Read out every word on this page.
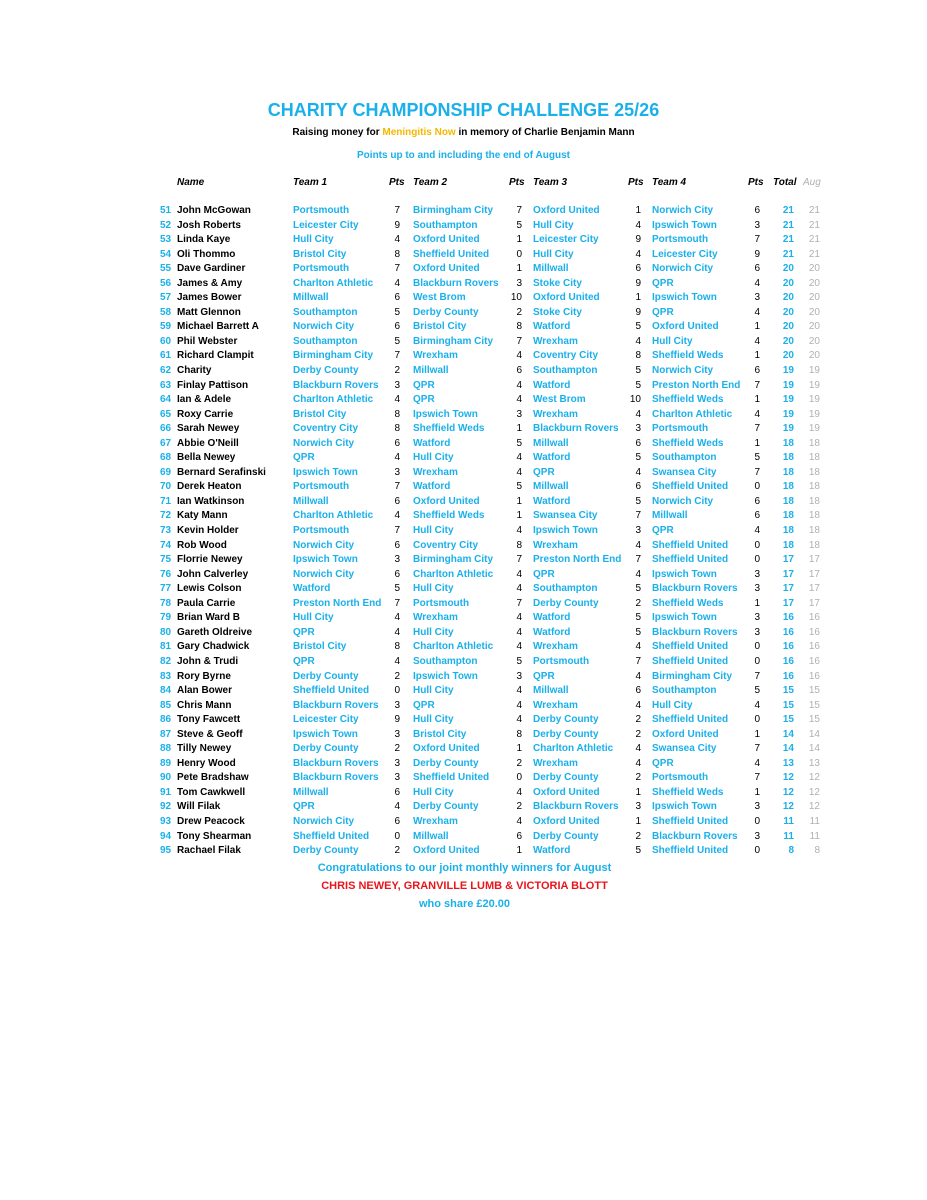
CHARITY CHAMPIONSHIP CHALLENGE 25/26
Raising money for Meningitis Now in memory of Charlie Benjamin Mann
Points up to and including the end of August
Name	Team 1	Pts Team 2	Pts Team 3	Pts Team 4	Pts Total Aug
51 John McGowan	Portsmouth	7 Birmingham City	7 Oxford United	1 Norwich City	6	21 21
52 Josh Roberts	Leicester City	9 Southampton	5 Hull City	4 Ipswich Town	3	21 21
53 Linda Kaye	Hull City	4 Oxford United	1 Leicester City	9 Portsmouth	7	21 21
54 Oli Thommo	Bristol City	8 Sheffield United	0 Hull City	4 Leicester City	9	21 21
55 Dave Gardiner	Portsmouth	7 Oxford United	1 Millwall	6 Norwich City	6	20 20
56 James & Amy	Charlton Athletic	4 Blackburn Rovers	3 Stoke City	9 QPR	4	20 20
57 James Bower	Millwall	6 West Brom	10 Oxford United	1 Ipswich Town	3	20 20
58 Matt Glennon	Southampton	5 Derby County	2 Stoke City	9 QPR	4	20 20
59 Michael Barrett A	Norwich City	6 Bristol City	8 Watford	5 Oxford United	1	20 20
60 Phil Webster	Southampton	5 Birmingham City	7 Wrexham	4 Hull City	4	20 20
61 Richard Clampit	Birmingham City	7 Wrexham	4 Coventry City	8 Sheffield Weds	1	20 20
62 Charity	Derby County	2 Millwall	6 Southampton	5 Norwich City	6	19 19
63 Finlay Pattison	Blackburn Rovers	3 QPR	4 Watford	5 Preston North End	7	19 19
64 Ian & Adele	Charlton Athletic	4 QPR	4 West Brom	10 Sheffield Weds	1	19 19
65 Roxy Carrie	Bristol City	8 Ipswich Town	3 Wrexham	4 Charlton Athletic	4	19 19
66 Sarah Newey	Coventry City	8 Sheffield Weds	1 Blackburn Rovers	3 Portsmouth	7	19 19
67 Abbie O'Neill	Norwich City	6 Watford	5 Millwall	6 Sheffield Weds	1	18 18
68 Bella Newey	QPR	4 Hull City	4 Watford	5 Southampton	5	18 18
69 Bernard Serafinski	Ipswich Town	3 Wrexham	4 QPR	4 Swansea City	7	18 18
70 Derek Heaton	Portsmouth	7 Watford	5 Millwall	6 Sheffield United	0	18 18
71 Ian Watkinson	Millwall	6 Oxford United	1 Watford	5 Norwich City	6	18 18
72 Katy Mann	Charlton Athletic	4 Sheffield Weds	1 Swansea City	7 Millwall	6	18 18
73 Kevin Holder	Portsmouth	7 Hull City	4 Ipswich Town	3 QPR	4	18 18
74 Rob Wood	Norwich City	6 Coventry City	8 Wrexham	4 Sheffield United	0	18 18
75 Florrie Newey	Ipswich Town	3 Birmingham City	7 Preston North End	7 Sheffield United	0	17 17
76 John Calverley	Norwich City	6 Charlton Athletic	4 QPR	4 Ipswich Town	3	17 17
77 Lewis Colson	Watford	5 Hull City	4 Southampton	5 Blackburn Rovers	3	17 17
78 Paula Carrie	Preston North End	7 Portsmouth	7 Derby County	2 Sheffield Weds	1	17 17
79 Brian Ward B	Hull City	4 Wrexham	4 Watford	5 Ipswich Town	3	16 16
80 Gareth Oldreive	QPR	4 Hull City	4 Watford	5 Blackburn Rovers	3	16 16
81 Gary Chadwick	Bristol City	8 Charlton Athletic	4 Wrexham	4 Sheffield United	0	16 16
82 John & Trudi	QPR	4 Southampton	5 Portsmouth	7 Sheffield United	0	16 16
83 Rory Byrne	Derby County	2 Ipswich Town	3 QPR	4 Birmingham City	7	16 16
84 Alan Bower	Sheffield United	0 Hull City	4 Millwall	6 Southampton	5	15 15
85 Chris Mann	Blackburn Rovers	3 QPR	4 Wrexham	4 Hull City	4	15 15
86 Tony Fawcett	Leicester City	9 Hull City	4 Derby County	2 Sheffield United	0	15 15
87 Steve & Geoff	Ipswich Town	3 Bristol City	8 Derby County	2 Oxford United	1	14 14
88 Tilly Newey	Derby County	2 Oxford United	1 Charlton Athletic	4 Swansea City	7	14 14
89 Henry Wood	Blackburn Rovers	3 Derby County	2 Wrexham	4 QPR	4	13 13
90 Pete Bradshaw	Blackburn Rovers	3 Sheffield United	0 Derby County	2 Portsmouth	7	12 12
91 Tom Cawkwell	Millwall	6 Hull City	4 Oxford United	1 Sheffield Weds	1	12 12
92 Will Filak	QPR	4 Derby County	2 Blackburn Rovers	3 Ipswich Town	3	12 12
93 Drew Peacock	Norwich City	6 Wrexham	4 Oxford United	1 Sheffield United	0	11	11
94 Tony Shearman	Sheffield United	0 Millwall	6 Derby County	2 Blackburn Rovers	3	11	11
95 Rachael Filak	Derby County	2 Oxford United	1 Watford	5 Sheffield United	0	8	8
Congratulations to our joint monthly winners for August
CHRIS NEWEY, GRANVILLE LUMB & VICTORIA BLOTT
who share £20.00
